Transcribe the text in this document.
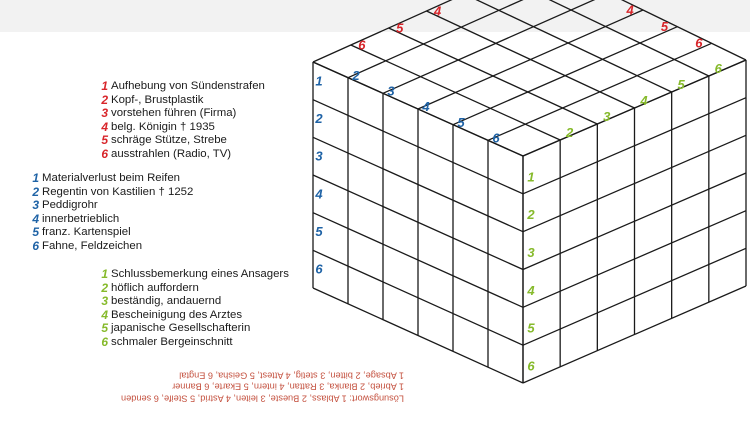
1 Aufhebung von Sündenstrafen
2 Kopf-, Brustplastik
3 vorstehen führen (Firma)
4 belg. Königin † 1935
5 schräge Stütze, Strebe
6 ausstrahlen (Radio, TV)
1 Materialverlust beim Reifen
2 Regentin von Kastilien † 1252
3 Peddigrohr
4 innerbetrieblich
5 franz. Kartenspiel
6 Fahne, Feldzeichen
1 Schlussbemerkung eines Ansagers
2 höflich auffordern
3 beständig, andauernd
4 Bescheinigung des Arztes
5 japanische Gesellschafterin
6 schmaler Bergeinschnitt
Lösungswort: 1 Ablass, 2 Bueste, 3 leiten, 4 Astrid, 5 Steife, 6 senden
1 Abrieb, 2 Blanka, 3 Rattan, 4 intern, 5 Ekarte, 6 Banner
1 Absage, 2 bitten, 3 stetig, 4 Attest, 5 Geisha, 6 Engtal
6
5
4	4
5
6
1
2
3
4
5
6
2
3
4
5
6	2
3
4
5
6
1
2
3
4
5
6
